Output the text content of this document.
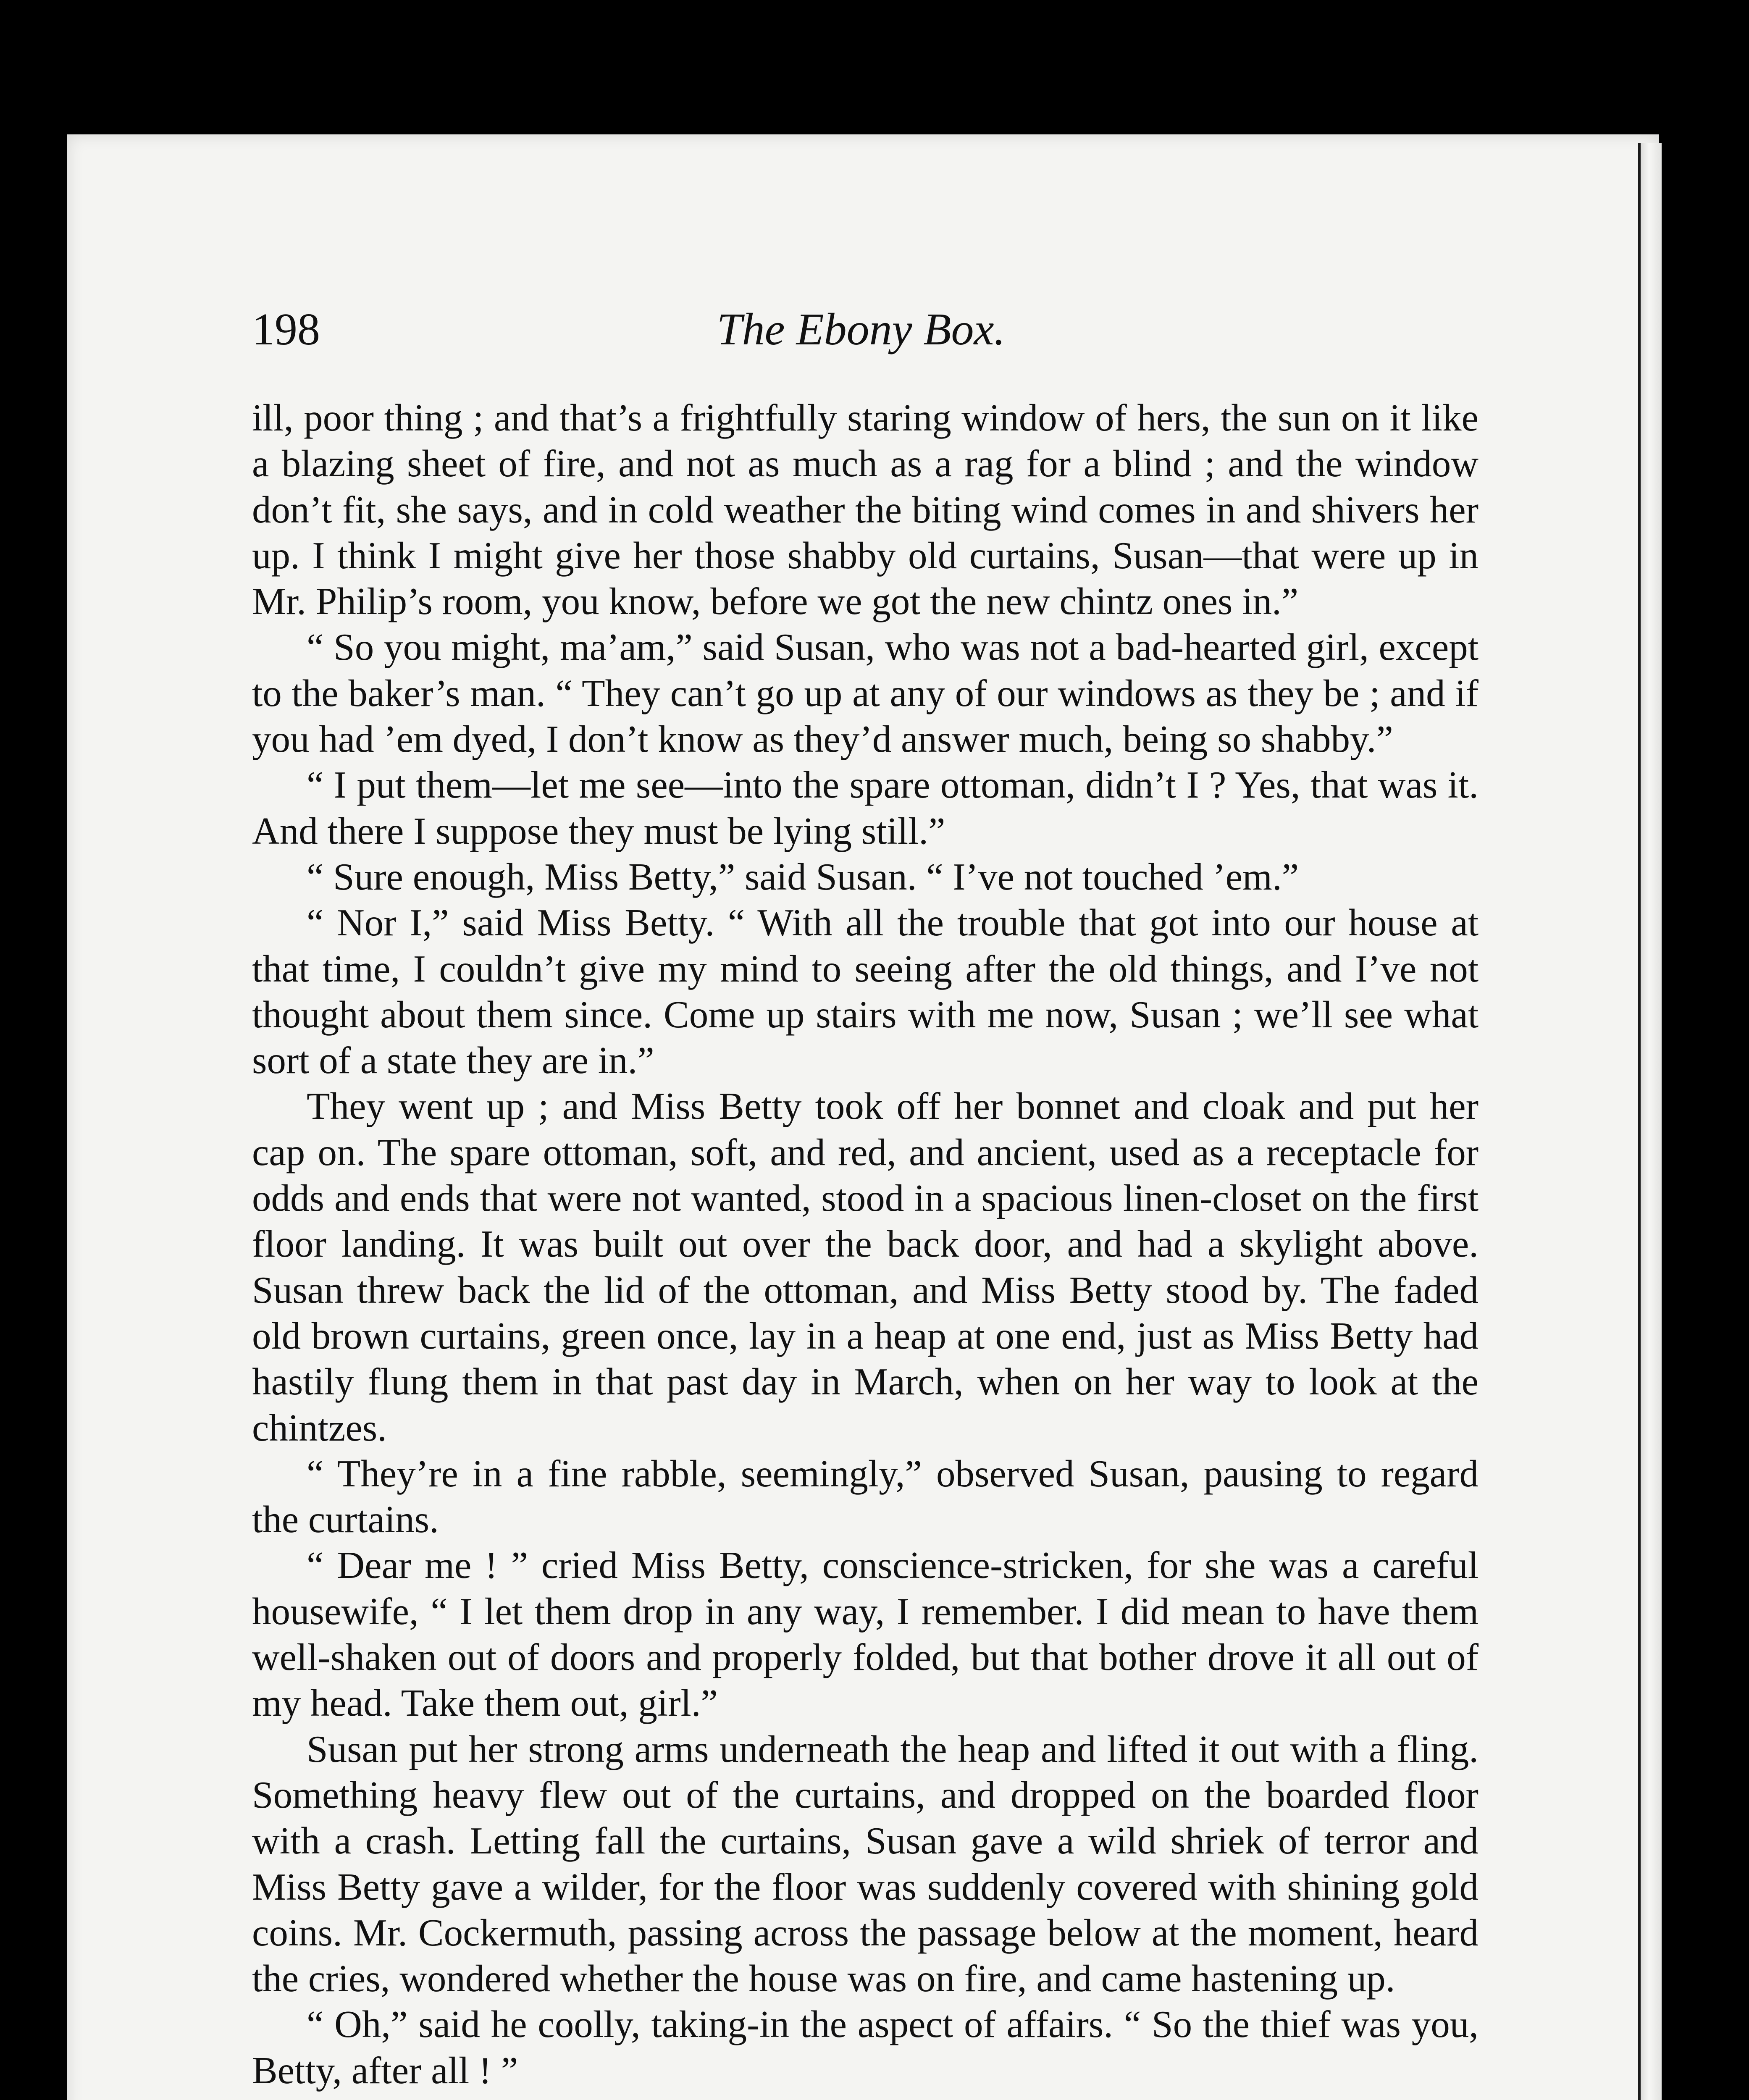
198	The Ebony Box.

ill, poor thing ; and that’s a frightfully staring window of hers, the sun on it like a blazing sheet of fire, and not as much as a rag for a blind ; and the window don’t fit, she says, and in cold weather the biting wind comes in and shivers her up. I think I might give her those shabby old curtains, Susan—that were up in Mr. Philip’s room, you know, before we got the new chintz ones in.”

“ So you might, ma’am,” said Susan, who was not a bad-hearted girl, except to the baker’s man. “ They can’t go up at any of our windows as they be ; and if you had ’em dyed, I don’t know as they’d answer much, being so shabby.”

“ I put them—let me see—into the spare ottoman, didn’t I ? Yes, that was it. And there I suppose they must be lying still.”

“ Sure enough, Miss Betty,” said Susan. “ I’ve not touched ’em.”

“ Nor I,” said Miss Betty. “ With all the trouble that got into our house at that time, I couldn’t give my mind to seeing after the old things, and I’ve not thought about them since. Come up stairs with me now, Susan ; we’ll see what sort of a state they are in.”

They went up ; and Miss Betty took off her bonnet and cloak and put her cap on. The spare ottoman, soft, and red, and ancient, used as a receptacle for odds and ends that were not wanted, stood in a spacious linen-closet on the first floor landing. It was built out over the back door, and had a skylight above. Susan threw back the lid of the ottoman, and Miss Betty stood by. The faded old brown curtains, green once, lay in a heap at one end, just as Miss Betty had hastily flung them in that past day in March, when on her way to look at the chintzes.

“ They’re in a fine rabble, seemingly,” observed Susan, pausing to regard the curtains.

“ Dear me ! ” cried Miss Betty, conscience-stricken, for she was a careful housewife, “ I let them drop in any way, I remember. I did mean to have them well-shaken out of doors and properly folded, but that bother drove it all out of my head. Take them out, girl.”

Susan put her strong arms underneath the heap and lifted it out with a fling. Something heavy flew out of the curtains, and dropped on the boarded floor with a crash. Letting fall the curtains, Susan gave a wild shriek of terror and Miss Betty gave a wilder, for the floor was suddenly covered with shining gold coins. Mr. Cockermuth, passing across the passage below at the moment, heard the cries, wondered whether the house was on fire, and came hastening up.

“ Oh,” said he coolly, taking-in the aspect of affairs. “ So the thief was you, Betty, after all ! ”
